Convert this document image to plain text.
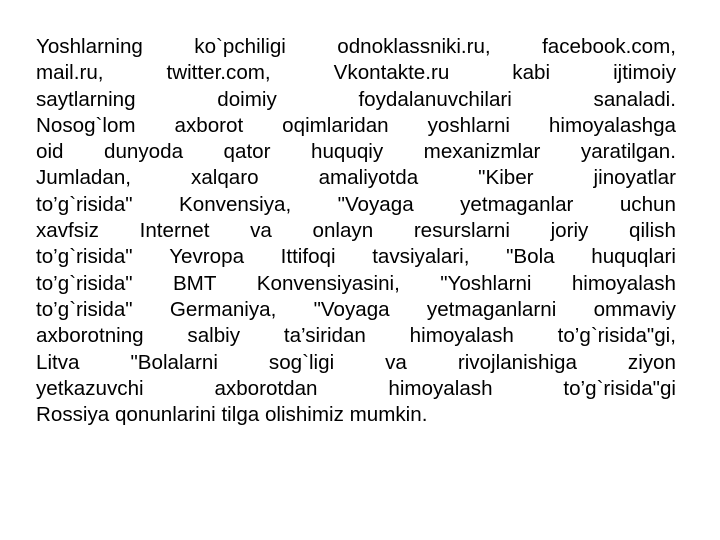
Yoshlarning ko`pchiligi odnoklassniki.ru, facebook.com,
mail.ru,	twitter.com,	Vkontakte.ru	kabi	ijtimoiy
saytlarning	doimiy	foydalanuvchilari	sanaladi.
Nosog`lom axborot oqimlaridan yoshlarni himoyalashga
oid dunyoda qator huquqiy mexanizmlar yaratilgan.
Jumladan,	xalqaro	amaliyotda	"Kiber	jinoyatlar
to’g`risida" Konvensiya, "Voyaga yetmaganlar uchun
xavfsiz Internet va onlayn resurslarni joriy qilish
to’g`risida" Yevropa Ittifoqi tavsiyalari, "Bola huquqlari
to’g`risida" BMT Konvensiyasini, "Yoshlarni himoyalash
to’g`risida" Germaniya, "Voyaga yetmaganlarni ommaviy
axborotning salbiy ta’siridan himoyalash to’g`risida"gi,
Litva "Bolalarni sog`ligi va rivojlanishiga ziyon
yetkazuvchi	axborotdan	himoyalash	to’g`risida"gi
Rossiya qonunlarini tilga olishimiz mumkin.
